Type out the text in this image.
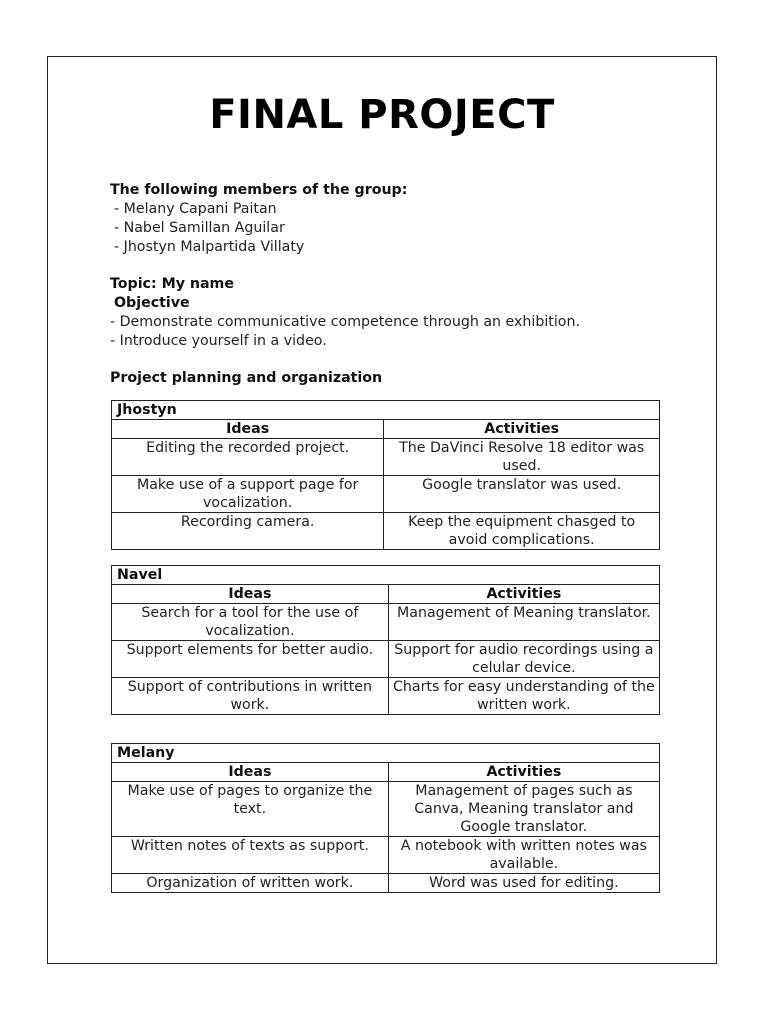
FINAL PROJECT
The following members of the group:
- Melany Capani Paitan
- Nabel Samillan Aguilar
- Jhostyn Malpartida Villaty
Topic: My name
Objective
- Demonstrate communicative competence through an exhibition.
- Introduce yourself in a video.
Project planning and organization
Jhostyn	
Ideas	Activities
Editing the recorded project.	The DaVinci Resolve 18 editor was used.
Make use of a support page for vocalization.	Google translator was used.
Recording camera.	Keep the equipment chasged to avoid complications.
Navel	
Ideas	Activities
Search for a tool for the use of vocalization.	Management of Meaning translator.
Support elements for better audio.	Support for audio recordings using a celular device.
Support of contributions in written work.	Charts for easy understanding of the written work.
Melany	
Ideas	Activities
Make use of pages to organize the text.	Management of pages such as Canva, Meaning translator and Google translator.
Written notes of texts as support.	A notebook with written notes was available.
Organization of written work.	Word was used for editing.
